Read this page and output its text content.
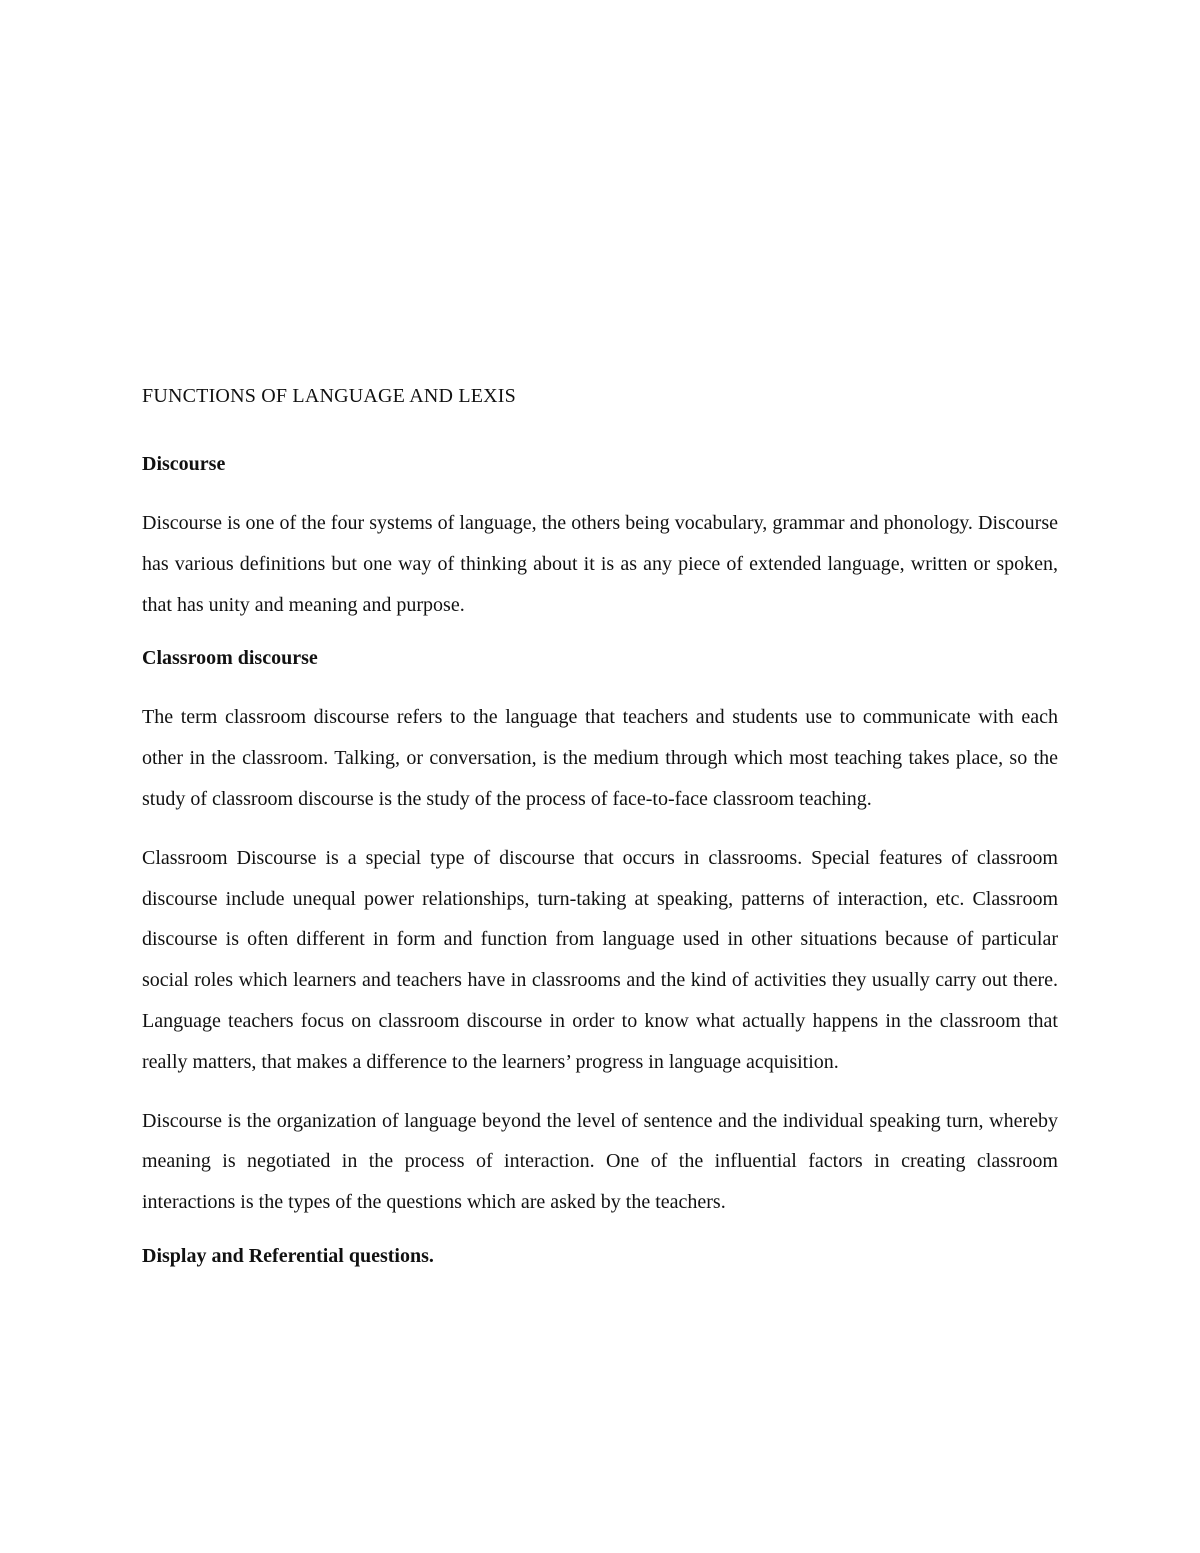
FUNCTIONS OF LANGUAGE AND LEXIS
Discourse

Discourse is one of the four systems of language, the others being vocabulary, grammar and phonology. Discourse has various definitions but one way of thinking about it is as any piece of extended language, written or spoken, that has unity and meaning and purpose.

Classroom discourse

The term classroom discourse refers to the language that teachers and students use to communicate with each other in the classroom. Talking, or conversation, is the medium through which most teaching takes place, so the study of classroom discourse is the study of the process of face-to-face classroom teaching.

Classroom Discourse is a special type of discourse that occurs in classrooms. Special features of classroom discourse include unequal power relationships, turn-taking at speaking, patterns of interaction, etc. Classroom discourse is often different in form and function from language used in other situations because of particular social roles which learners and teachers have in classrooms and the kind of activities they usually carry out there. Language teachers focus on classroom discourse in order to know what actually happens in the classroom that really matters, that makes a difference to the learners’ progress in language acquisition.

Discourse is the organization of language beyond the level of sentence and the individual speaking turn, whereby meaning is negotiated in the process of interaction. One of the influential factors in creating classroom interactions is the types of the questions which are asked by the teachers.

Display and Referential questions.
